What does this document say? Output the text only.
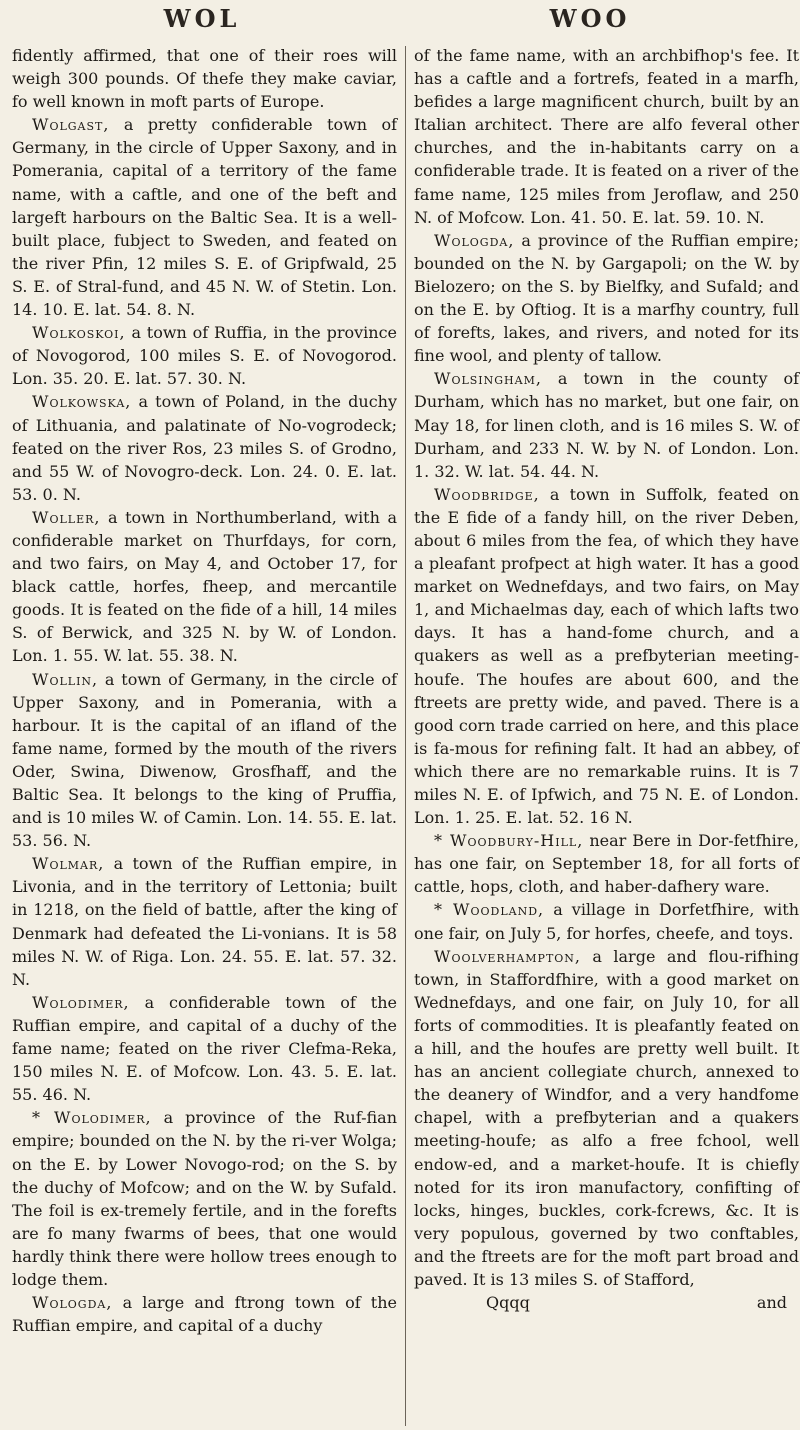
WOL	WOO

fidently affirmed, that one of their roes will weigh 300 pounds. Of thefe they make caviar, fo well known in moft parts of Europe.

Wolgast, a pretty confiderable town of Germany, in the circle of Upper Saxony, and in Pomerania, capital of a territory of the fame name, with a caftle, and one of the beft and largeft harbours on the Baltic Sea. It is a well-built place, fubject to Sweden, and feated on the river Pfin, 12 miles S. E. of Gripfwald, 25 S. E. of Stral-fund, and 45 N. W. of Stetin. Lon. 14. 10. E. lat. 54. 8. N.

Wolkoskoi, a town of Ruffia, in the province of Novogorod, 100 miles S. E. of Novogorod. Lon. 35. 20. E. lat. 57. 30. N.

Wolkowska, a town of Poland, in the duchy of Lithuania, and palatinate of No-vogrodeck; feated on the river Ros, 23 miles S. of Grodno, and 55 W. of Novogro-deck. Lon. 24. 0. E. lat. 53. 0. N.

Woller, a town in Northumberland, with a confiderable market on Thurfdays, for corn, and two fairs, on May 4, and October 17, for black cattle, horfes, fheep, and mercantile goods. It is feated on the fide of a hill, 14 miles S. of Berwick, and 325 N. by W. of London. Lon. 1. 55. W. lat. 55. 38. N.

Wollin, a town of Germany, in the circle of Upper Saxony, and in Pomerania, with a harbour. It is the capital of an ifland of the fame name, formed by the mouth of the rivers Oder, Swina, Diwenow, Grosfhaff, and the Baltic Sea. It belongs to the king of Pruffia, and is 10 miles W. of Camin. Lon. 14. 55. E. lat. 53. 56. N.

Wolmar, a town of the Ruffian empire, in Livonia, and in the territory of Lettonia; built in 1218, on the field of battle, after the king of Denmark had defeated the Li-vonians. It is 58 miles N. W. of Riga. Lon. 24. 55. E. lat. 57. 32. N.

Wolodimer, a confiderable town of the Ruffian empire, and capital of a duchy of the fame name; feated on the river Clefma-Reka, 150 miles N. E. of Mofcow. Lon. 43. 5. E. lat. 55. 46. N.

* Wolodimer, a province of the Ruf-fian empire; bounded on the N. by the ri-ver Wolga; on the E. by Lower Novogo-rod; on the S. by the duchy of Mofcow; and on the W. by Sufald. The foil is ex-tremely fertile, and in the forefts are fo many fwarms of bees, that one would hardly think there were hollow trees enough to lodge them.

Wologda, a large and ftrong town of the Ruffian empire, and capital of a duchy

of the fame name, with an archbifhop's fee. It has a caftle and a fortrefs, feated in a marfh, befides a large magnificent church, built by an Italian architect. There are alfo feveral other churches, and the in-habitants carry on a confiderable trade. It is feated on a river of the fame name, 125 miles from Jeroflaw, and 250 N. of Mofcow. Lon. 41. 50. E. lat. 59. 10. N.

Wologda, a province of the Ruffian empire; bounded on the N. by Gargapoli; on the W. by Bielozero; on the S. by Bielfky, and Sufald; and on the E. by Oftiog. It is a marfhy country, full of forefts, lakes, and rivers, and noted for its fine wool, and plenty of tallow.

Wolsingham, a town in the county of Durham, which has no market, but one fair, on May 18, for linen cloth, and is 16 miles S. W. of Durham, and 233 N. W. by N. of London. Lon. 1. 32. W. lat. 54. 44. N.

Woodbridge, a town in Suffolk, feated on the E fide of a fandy hill, on the river Deben, about 6 miles from the fea, of which they have a pleafant profpect at high water. It has a good market on Wednefdays, and two fairs, on May 1, and Michaelmas day, each of which lafts two days. It has a hand-fome church, and a quakers as well as a prefbyterian meeting-houfe. The houfes are about 600, and the ftreets are pretty wide, and paved. There is a good corn trade carried on here, and this place is fa-mous for refining falt. It had an abbey, of which there are no remarkable ruins. It is 7 miles N. E. of Ipfwich, and 75 N. E. of London. Lon. 1. 25. E. lat. 52. 16 N.

* Woodbury-Hill, near Bere in Dor-fetfhire, has one fair, on September 18, for all forts of cattle, hops, cloth, and haber-dafhery ware.

* Woodland, a village in Dorfetfhire, with one fair, on July 5, for horfes, cheefe, and toys.

Woolverhampton, a large and flou-rifhing town, in Staffordfhire, with a good market on Wednefdays, and one fair, on July 10, for all forts of commodities. It is pleafantly feated on a hill, and the houfes are pretty well built. It has an ancient collegiate church, annexed to the deanery of Windfor, and a very handfome chapel, with a prefbyterian and a quakers meeting-houfe; as alfo a free fchool, well endow-ed, and a market-houfe. It is chiefly noted for its iron manufactory, confifting of locks, hinges, buckles, cork-fcrews, &c. It is very populous, governed by two conftables, and the ftreets are for the moft part broad and paved. It is 13 miles S. of Stafford,

Qqqq	and
